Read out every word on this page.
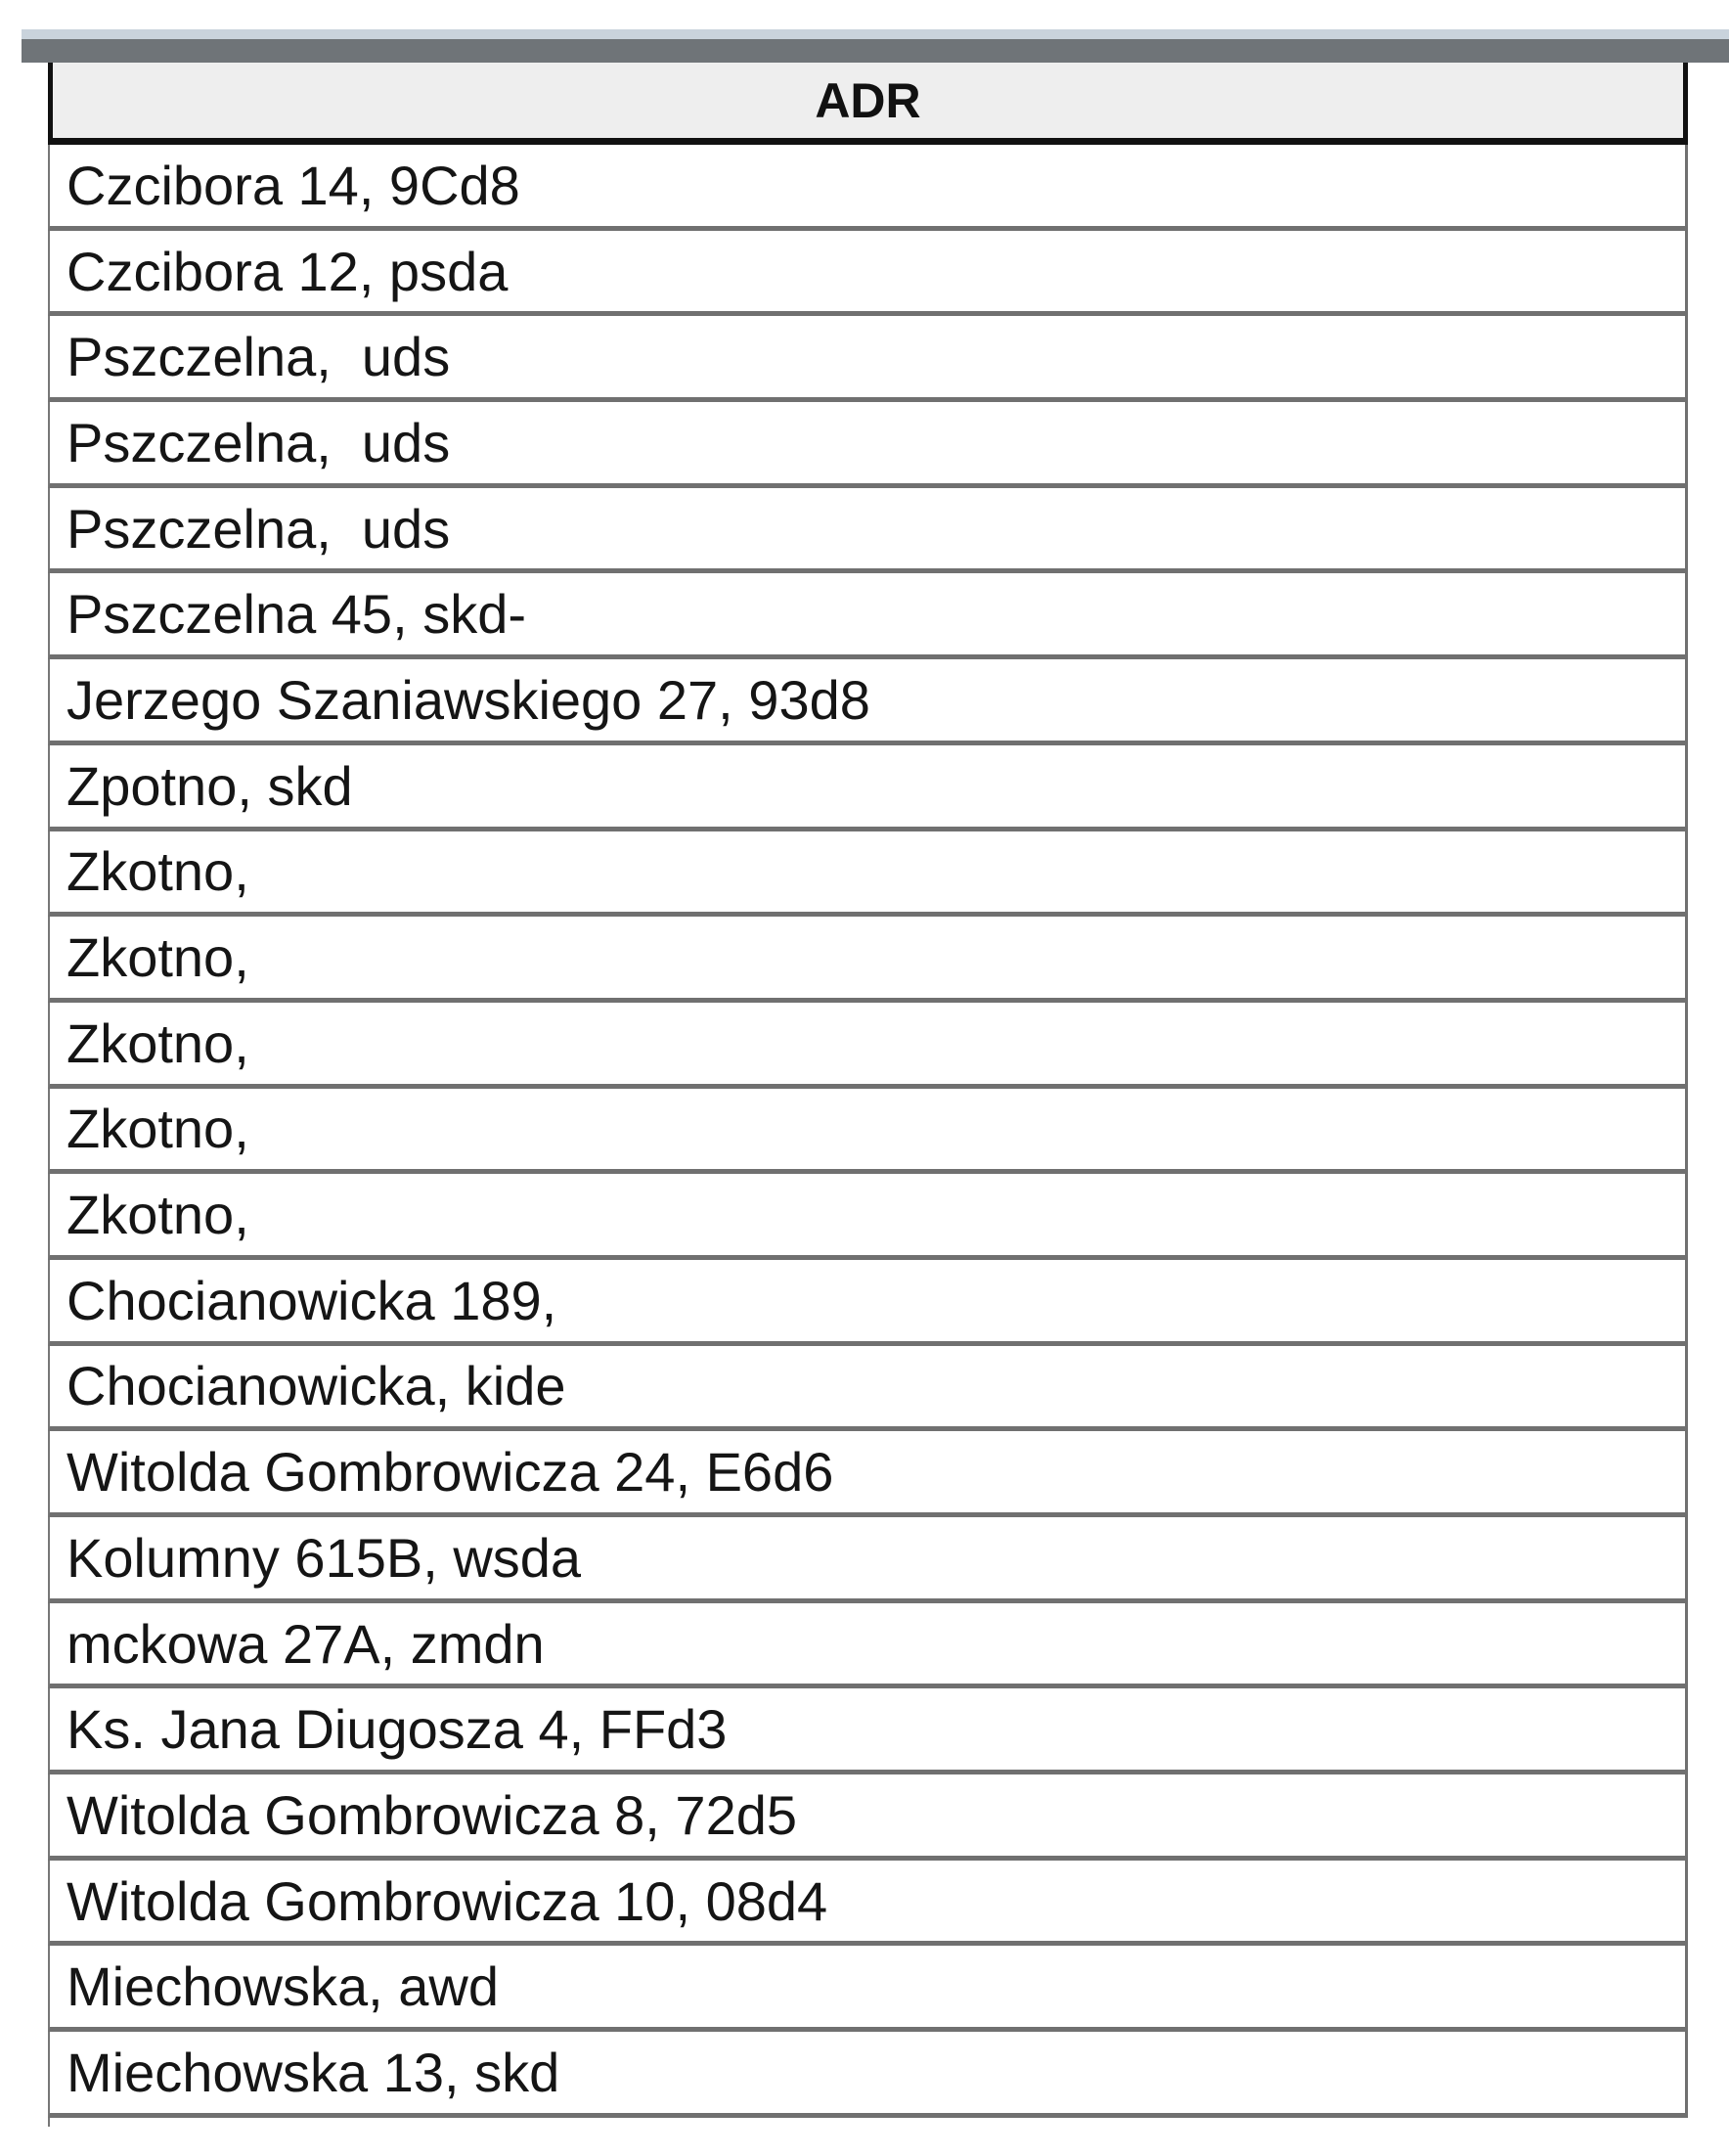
ADR
Czcibora 14, 9Cd8
Czcibora 12, psda
Pszczelna,  uds
Pszczelna,  uds
Pszczelna,  uds
Pszczelna 45, skd-
Jerzego Szaniawskiego 27, 93d8
Zpotno, skd
Zkotno,
Zkotno,
Zkotno,
Zkotno,
Zkotno,
Chocianowicka 189,
Chocianowicka, kide
Witolda Gombrowicza 24, E6d6
Kolumny 615B, wsda
mckowa 27A, zmdn
Ks. Jana Diugosza 4, FFd3
Witolda Gombrowicza 8, 72d5
Witolda Gombrowicza 10, 08d4
Miechowska, awd
Miechowska 13, skd
